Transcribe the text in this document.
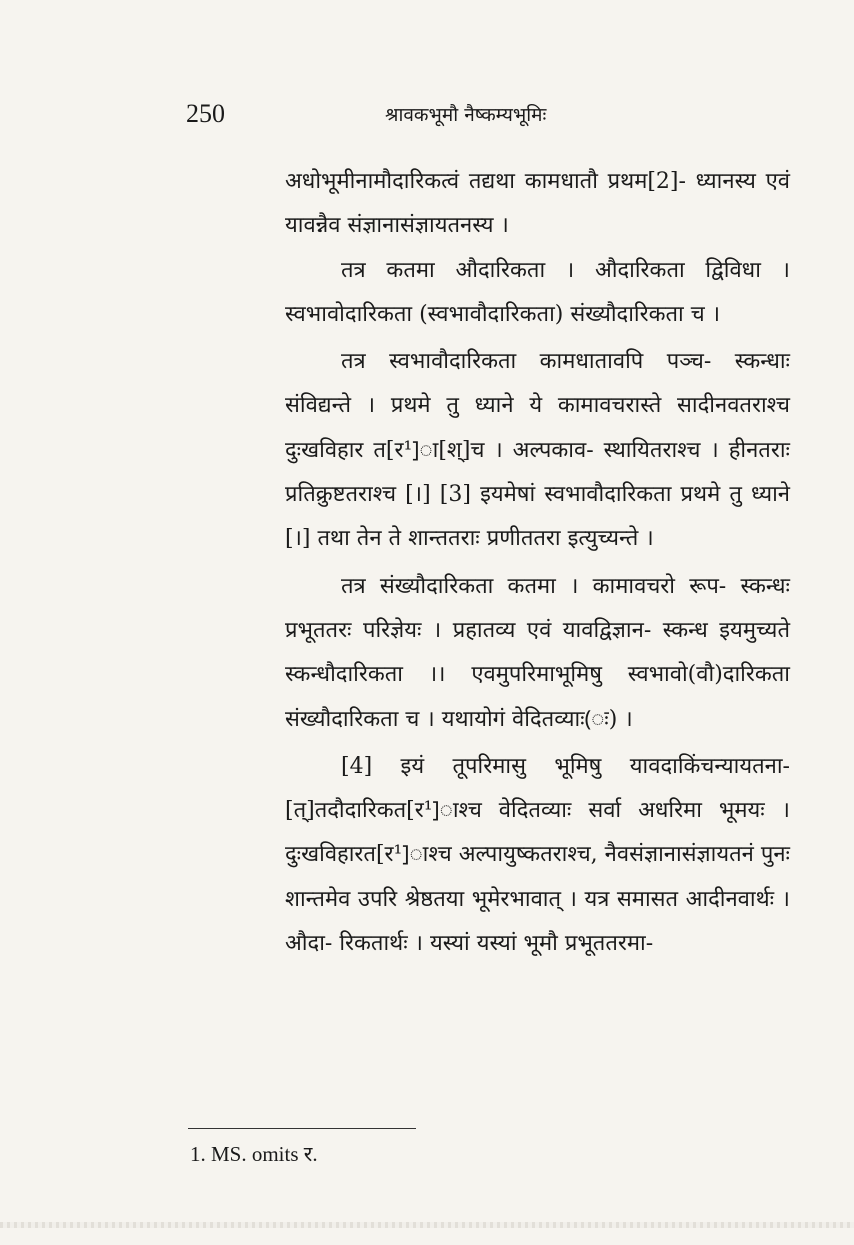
250	श्रावकभूमौ नैष्कम्यभूमिः

अधोभूमीनामौदारिकत्वं तद्यथा कामधातौ प्रथम[2]- ध्यानस्य एवं यावन्नैव संज्ञानासंज्ञायतनस्य ।

तत्र कतमा औदारिकता । औदारिकता द्विविधा । स्वभावोदारिकता (स्वभावौदारिकता) संख्यौदारिकता च ।

तत्र स्वभावौदारिकता कामधातावपि पञ्च- स्कन्धाः संविद्यन्ते । प्रथमे तु ध्याने ये कामावचरास्ते सादीनवतराश्च दुःखविहार त[र¹]ा[श्]च । अल्पकाव- स्थायितराश्च । हीनतराः प्रतिक्रुष्टतराश्च [।] [3] इयमेषां स्वभावौदारिकता प्रथमे तु ध्याने [।] तथा तेन ते शान्ततराः प्रणीततरा इत्युच्यन्ते ।

तत्र संख्यौदारिकता कतमा । कामावचरो रूप- स्कन्धः प्रभूततरः परिज्ञेयः । प्रहातव्य एवं यावद्विज्ञान- स्कन्ध इयमुच्यते स्कन्धौदारिकता ।। एवमुपरिमाभूमिषु स्वभावो(वौ)दारिकता संख्यौदारिकता च । यथायोगं वेदितव्याः(ः) ।

[4] इयं तूपरिमासु भूमिषु यावदाकिंचन्यायतना- [त्]तदौदारिकत[र¹]ाश्च वेदितव्याः सर्वा अधरिमा भूमयः । दुःखविहारत[र¹]ाश्च अल्पायुष्कतराश्च, नैवसंज्ञानासंज्ञायतनं पुनः शान्तमेव उपरि श्रेष्ठतया भूमेरभावात् । यत्र समासत आदीनवार्थः । औदा- रिकतार्थः । यस्यां यस्यां भूमौ प्रभूततरमा-

1. MS. omits र.
